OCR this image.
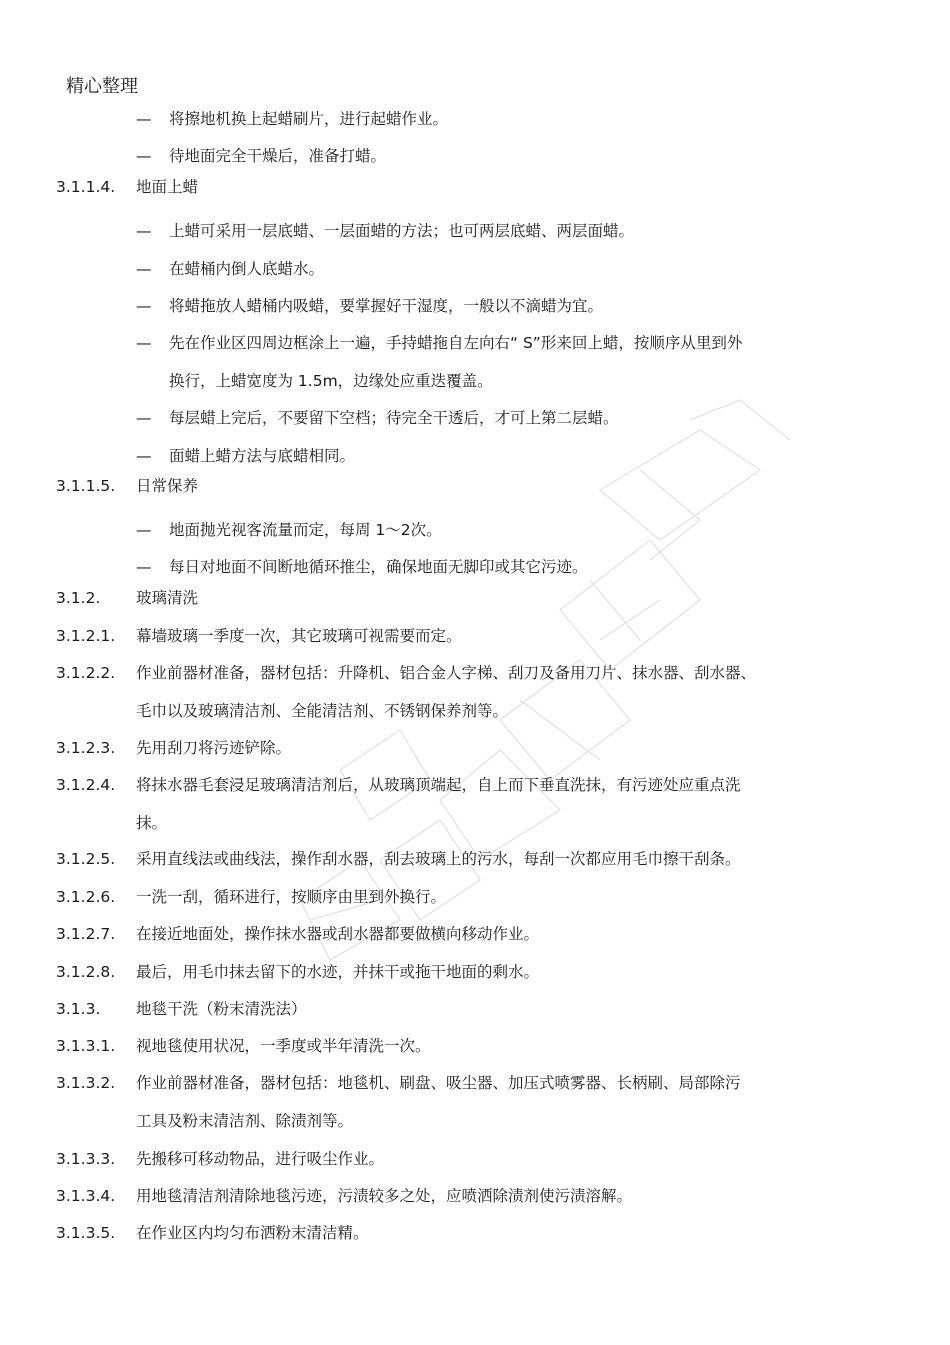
精心整理
— 将擦地机换上起蜡刷片，进行起蜡作业。
— 待地面完全干燥后，准备打蜡。
3.1.1.4. 地面上蜡
— 上蜡可采用一层底蜡、一层面蜡的方法；也可两层底蜡、两层面蜡。
— 在蜡桶内倒人底蜡水。
— 将蜡拖放人蜡桶内吸蜡，要掌握好干湿度，一般以不滴蜡为宜。
— 先在作业区四周边框涂上一遍，手持蜡拖自左向右“ S”形来回上蜡，按顺序从里到外
换行，上蜡宽度为 1.5m，边缘处应重迭覆盖。
— 每层蜡上完后，不要留下空档；待完全干透后，才可上第二层蜡。
— 面蜡上蜡方法与底蜡相同。
3.1.1.5. 日常保养
— 地面抛光视客流量而定，每周 1～2次。
— 每日对地面不间断地循环推尘，确保地面无脚印或其它污迹。
3.1.2. 玻璃清洗
3.1.2.1. 幕墙玻璃一季度一次，其它玻璃可视需要而定。
3.1.2.2. 作业前器材准备，器材包括：升降机、铝合金人字梯、刮刀及备用刀片、抹水器、刮水器、
毛巾以及玻璃清洁剂、全能清洁剂、不锈钢保养剂等。
3.1.2.3. 先用刮刀将污迹铲除。
3.1.2.4. 将抹水器毛套浸足玻璃清洁剂后，从玻璃顶端起，自上而下垂直洗抹，有污迹处应重点洗
抹。
3.1.2.5. 采用直线法或曲线法，操作刮水器，刮去玻璃上的污水，每刮一次都应用毛巾擦干刮条。
3.1.2.6. 一洗一刮，循环进行，按顺序由里到外换行。
3.1.2.7. 在接近地面处，操作抹水器或刮水器都要做横向移动作业。
3.1.2.8. 最后，用毛巾抹去留下的水迹，并抹干或拖干地面的剩水。
3.1.3. 地毯干洗（粉末清洗法）
3.1.3.1. 视地毯使用状况，一季度或半年清洗一次。
3.1.3.2. 作业前器材准备，器材包括：地毯机、刷盘、吸尘器、加压式喷雾器、长柄刷、局部除污
工具及粉末清洁剂、除渍剂等。
3.1.3.3. 先搬移可移动物品，进行吸尘作业。
3.1.3.4. 用地毯清洁剂清除地毯污迹，污渍较多之处，应喷洒除渍剂使污渍溶解。
3.1.3.5. 在作业区内均匀布洒粉末清洁精。
